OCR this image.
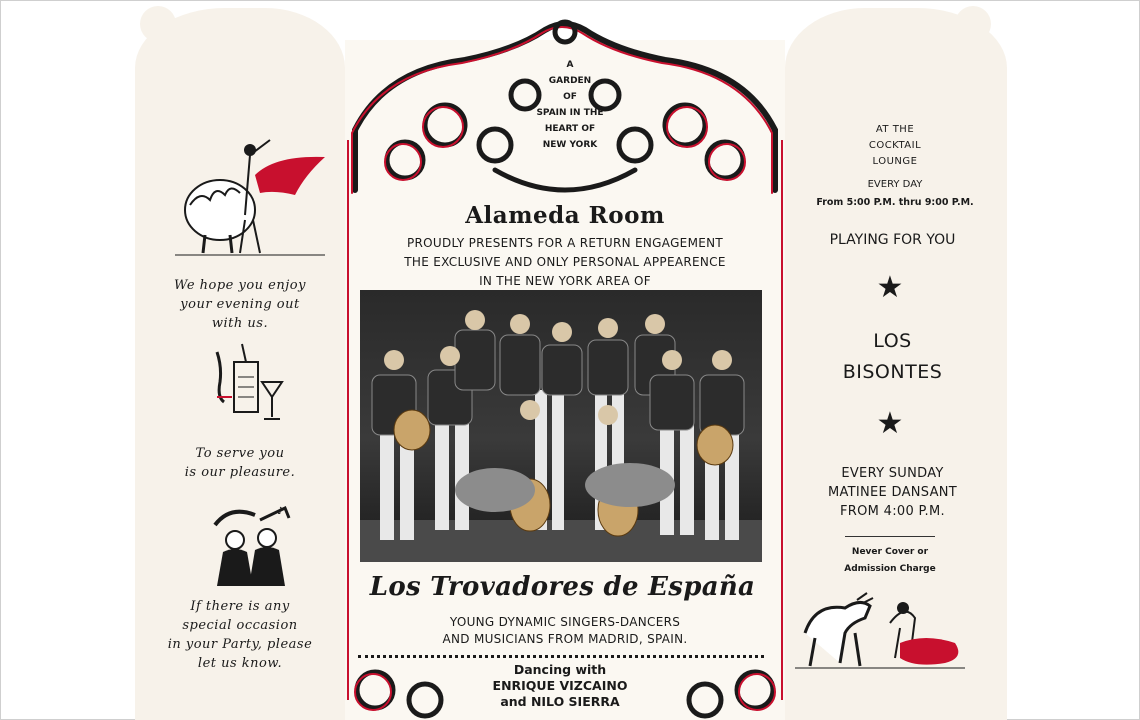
A
GARDEN
OF
SPAIN IN THE
HEART OF
NEW YORK
Alameda Room
PROUDLY PRESENTS FOR A RETURN ENGAGEMENT
THE EXCLUSIVE AND ONLY PERSONAL APPEARENCE
IN THE NEW YORK AREA OF
Los Trovadores de España
YOUNG DYNAMIC SINGERS-DANCERS
AND MUSICIANS FROM MADRID, SPAIN.
Dancing with
ENRIQUE VIZCAINO
and NILO SIERRA
We hope you enjoy
your evening out
with us.
To serve you
is our pleasure.
♪
If there is any
special occasion
in your Party, please
let us know.
AT THE
COCKTAIL
LOUNGE
EVERY DAY
From 5:00 P.M. thru 9:00 P.M.
PLAYING FOR YOU
★
LOS
BISONTES
★
EVERY SUNDAY
MATINEE DANSANT
FROM 4:00 P.M.
Never Cover or
Admission Charge
